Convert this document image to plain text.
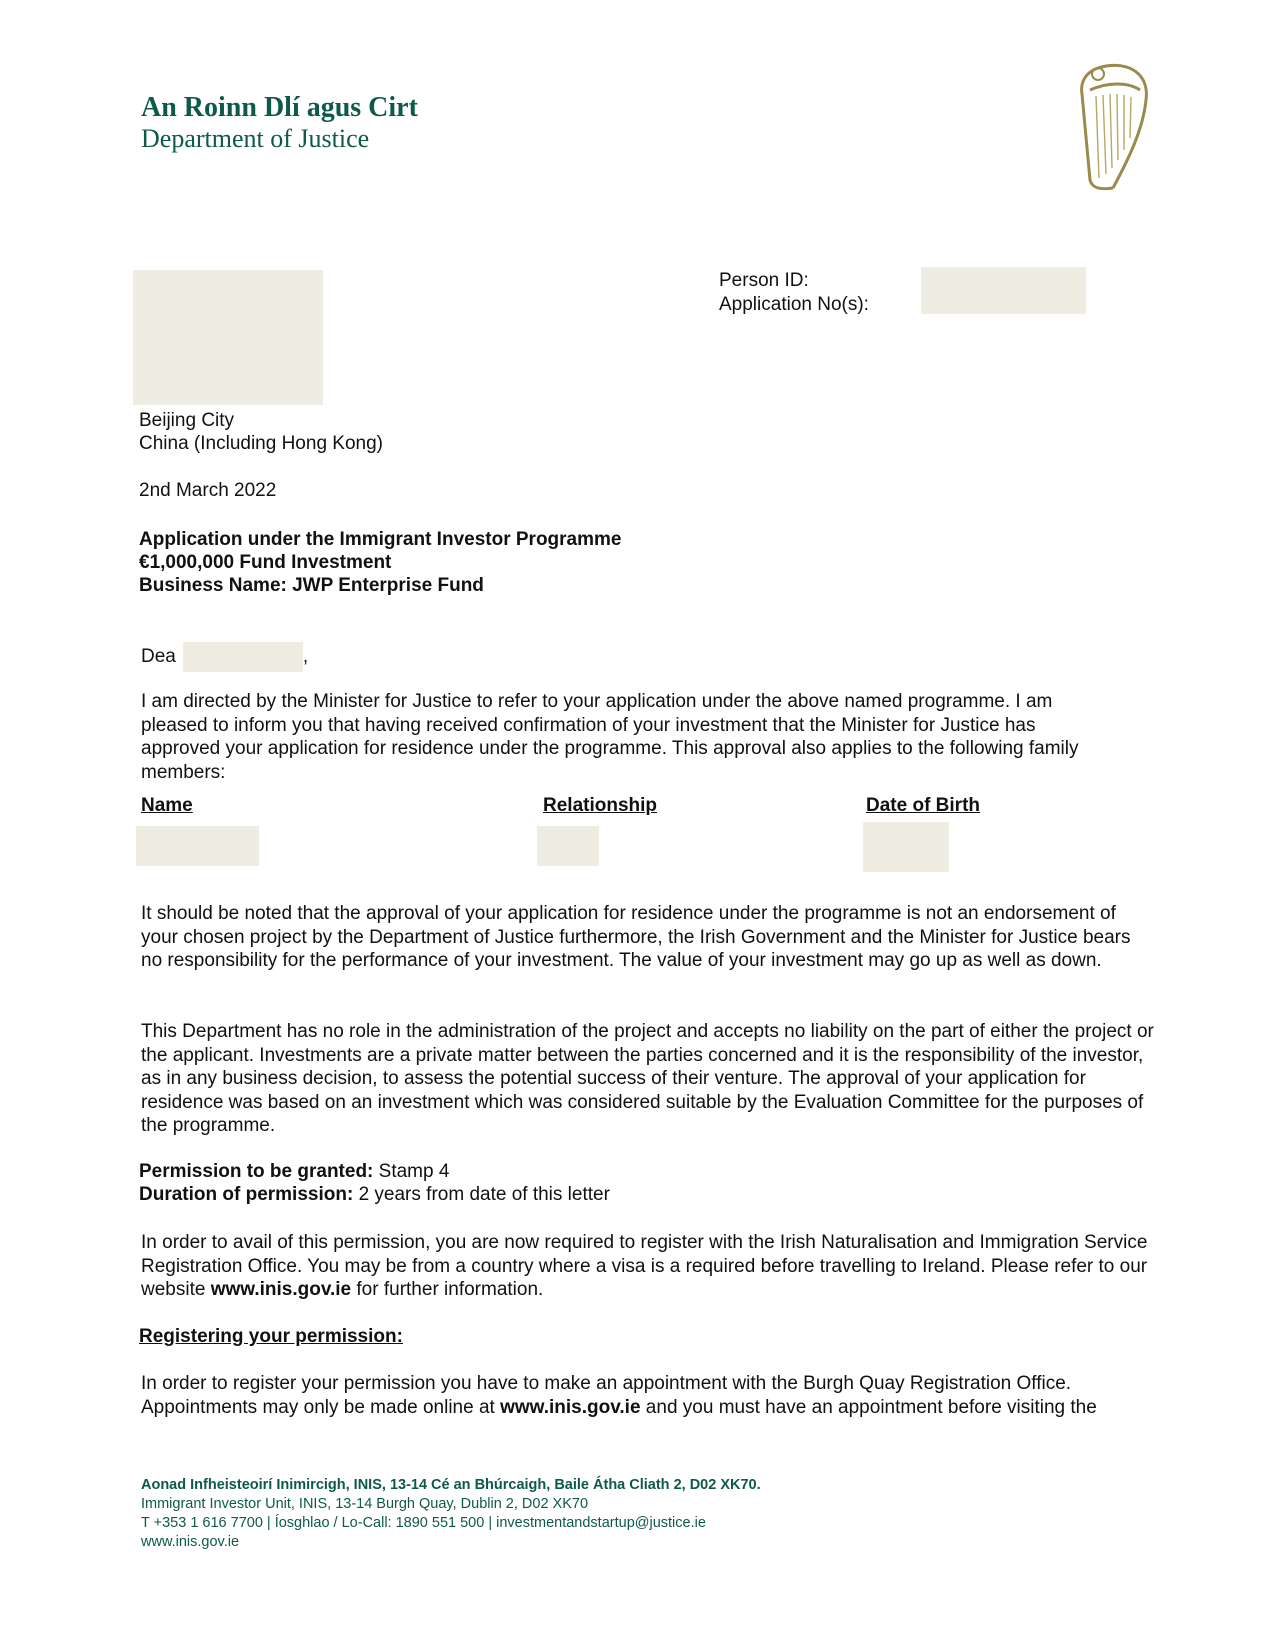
An Roinn Dlí agus Cirt
Department of Justice
Person ID:
Application No(s):
Beijing City
China (Including Hong Kong)
2nd March 2022
Application under the Immigrant Investor Programme
€1,000,000 Fund Investment
Business Name: JWP Enterprise Fund
Dea	,
I am directed by the Minister for Justice to refer to your application under the above named programme. I am pleased to inform you that having received confirmation of your investment that the Minister for Justice has approved your application for residence under the programme. This approval also applies to the following family members:
Name	Relationship	Date of Birth
It should be noted that the approval of your application for residence under the programme is not an endorsement of your chosen project by the Department of Justice furthermore, the Irish Government and the Minister for Justice bears no responsibility for the performance of your investment. The value of your investment may go up as well as down.
This Department has no role in the administration of the project and accepts no liability on the part of either the project or the applicant. Investments are a private matter between the parties concerned and it is the responsibility of the investor, as in any business decision, to assess the potential success of their venture. The approval of your application for residence was based on an investment which was considered suitable by the Evaluation Committee for the purposes of the programme.
Permission to be granted: Stamp 4
Duration of permission: 2 years from date of this letter
In order to avail of this permission, you are now required to register with the Irish Naturalisation and Immigration Service Registration Office. You may be from a country where a visa is a required before travelling to Ireland. Please refer to our website www.inis.gov.ie for further information.
Registering your permission:
In order to register your permission you have to make an appointment with the Burgh Quay Registration Office. Appointments may only be made online at www.inis.gov.ie and you must have an appointment before visiting the
Aonad Infheisteoirí Inimircigh, INIS, 13-14 Cé an Bhúrcaigh, Baile Átha Cliath 2, D02 XK70.
Immigrant Investor Unit, INIS, 13-14 Burgh Quay, Dublin 2, D02 XK70
T +353 1 616 7700 | Íosghlao / Lo-Call: 1890 551 500 | investmentandstartup@justice.ie
www.inis.gov.ie
